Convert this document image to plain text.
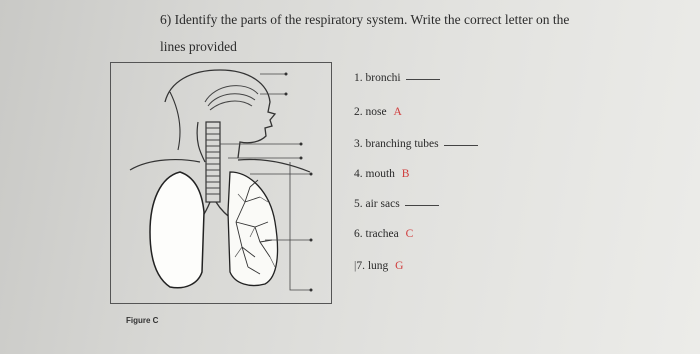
6) Identify the parts of the respiratory system. Write the correct letter on the
lines provided
Figure C
1. bronchi
2. nose A
3. branching tubes
4. mouth B
5. air sacs
6. trachea C
|7. lung G
